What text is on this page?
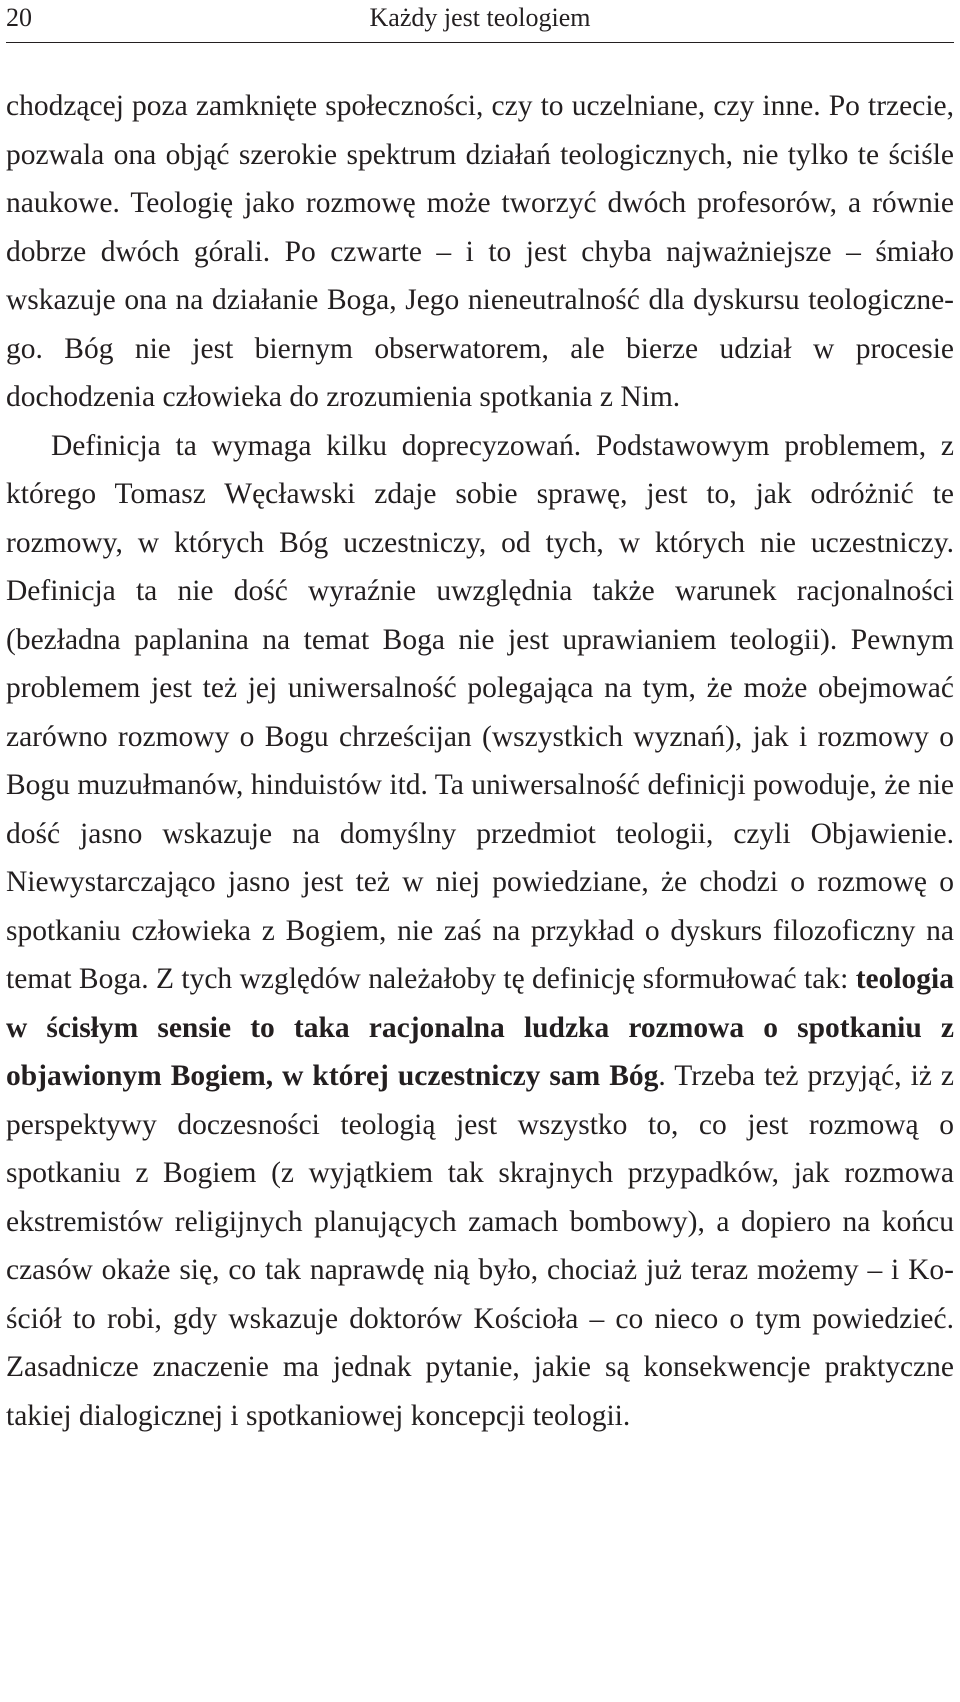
20	Każdy jest teologiem

chodzącej poza zamknięte społeczności, czy to uczelniane, czy inne. Po trzecie, pozwala ona objąć szerokie spektrum działań teologicznych, nie tylko te ściśle naukowe. Teologię jako rozmowę może tworzyć dwóch profesorów, a równie dobrze dwóch górali. Po czwarte – i to jest chyba najważniejsze – śmiało wskazuje ona na działanie Boga, Jego nieneutralność dla dyskursu teologicznego. Bóg nie jest biernym obserwatorem, ale bierze udział w procesie dochodzenia człowieka do zrozumienia spotkania z Nim.

Definicja ta wymaga kilku doprecyzowań. Podstawowym problemem, z którego Tomasz Węcławski zdaje sobie sprawę, jest to, jak odróżnić te rozmowy, w których Bóg uczestniczy, od tych, w których nie uczestniczy. Definicja ta nie dość wyraźnie uwzględnia także warunek racjonalności (bezładna paplanina na temat Boga nie jest uprawianiem teologii). Pewnym problemem jest też jej uniwersalność polegająca na tym, że może obejmować zarówno rozmowy o Bogu chrześcijan (wszystkich wyznań), jak i rozmowy o Bogu muzułmanów, hinduistów itd. Ta uniwersalność definicji powoduje, że nie dość jasno wskazuje na domyślny przedmiot teologii, czyli Objawienie. Niewystarczająco jasno jest też w niej powiedziane, że chodzi o rozmowę o spotkaniu człowieka z Bogiem, nie zaś na przykład o dyskurs filozoficzny na temat Boga. Z tych względów należałoby tę definicję sformułować tak: teologia w ścisłym sensie to taka racjonalna ludzka rozmowa o spotkaniu z objawionym Bogiem, w której uczestniczy sam Bóg. Trzeba też przyjąć, iż z perspektywy doczesności teologią jest wszystko to, co jest rozmową o spotkaniu z Bogiem (z wyjątkiem tak skrajnych przypadków, jak rozmowa ekstremistów religijnych planujących zamach bombowy), a dopiero na końcu czasów okaże się, co tak naprawdę nią było, chociaż już teraz możemy – i Kościół to robi, gdy wskazuje doktorów Kościoła – co nieco o tym powiedzieć. Zasadnicze znaczenie ma jednak pytanie, jakie są konsekwencje praktyczne takiej dialogicznej i spotkaniowej koncepcji teologii.
